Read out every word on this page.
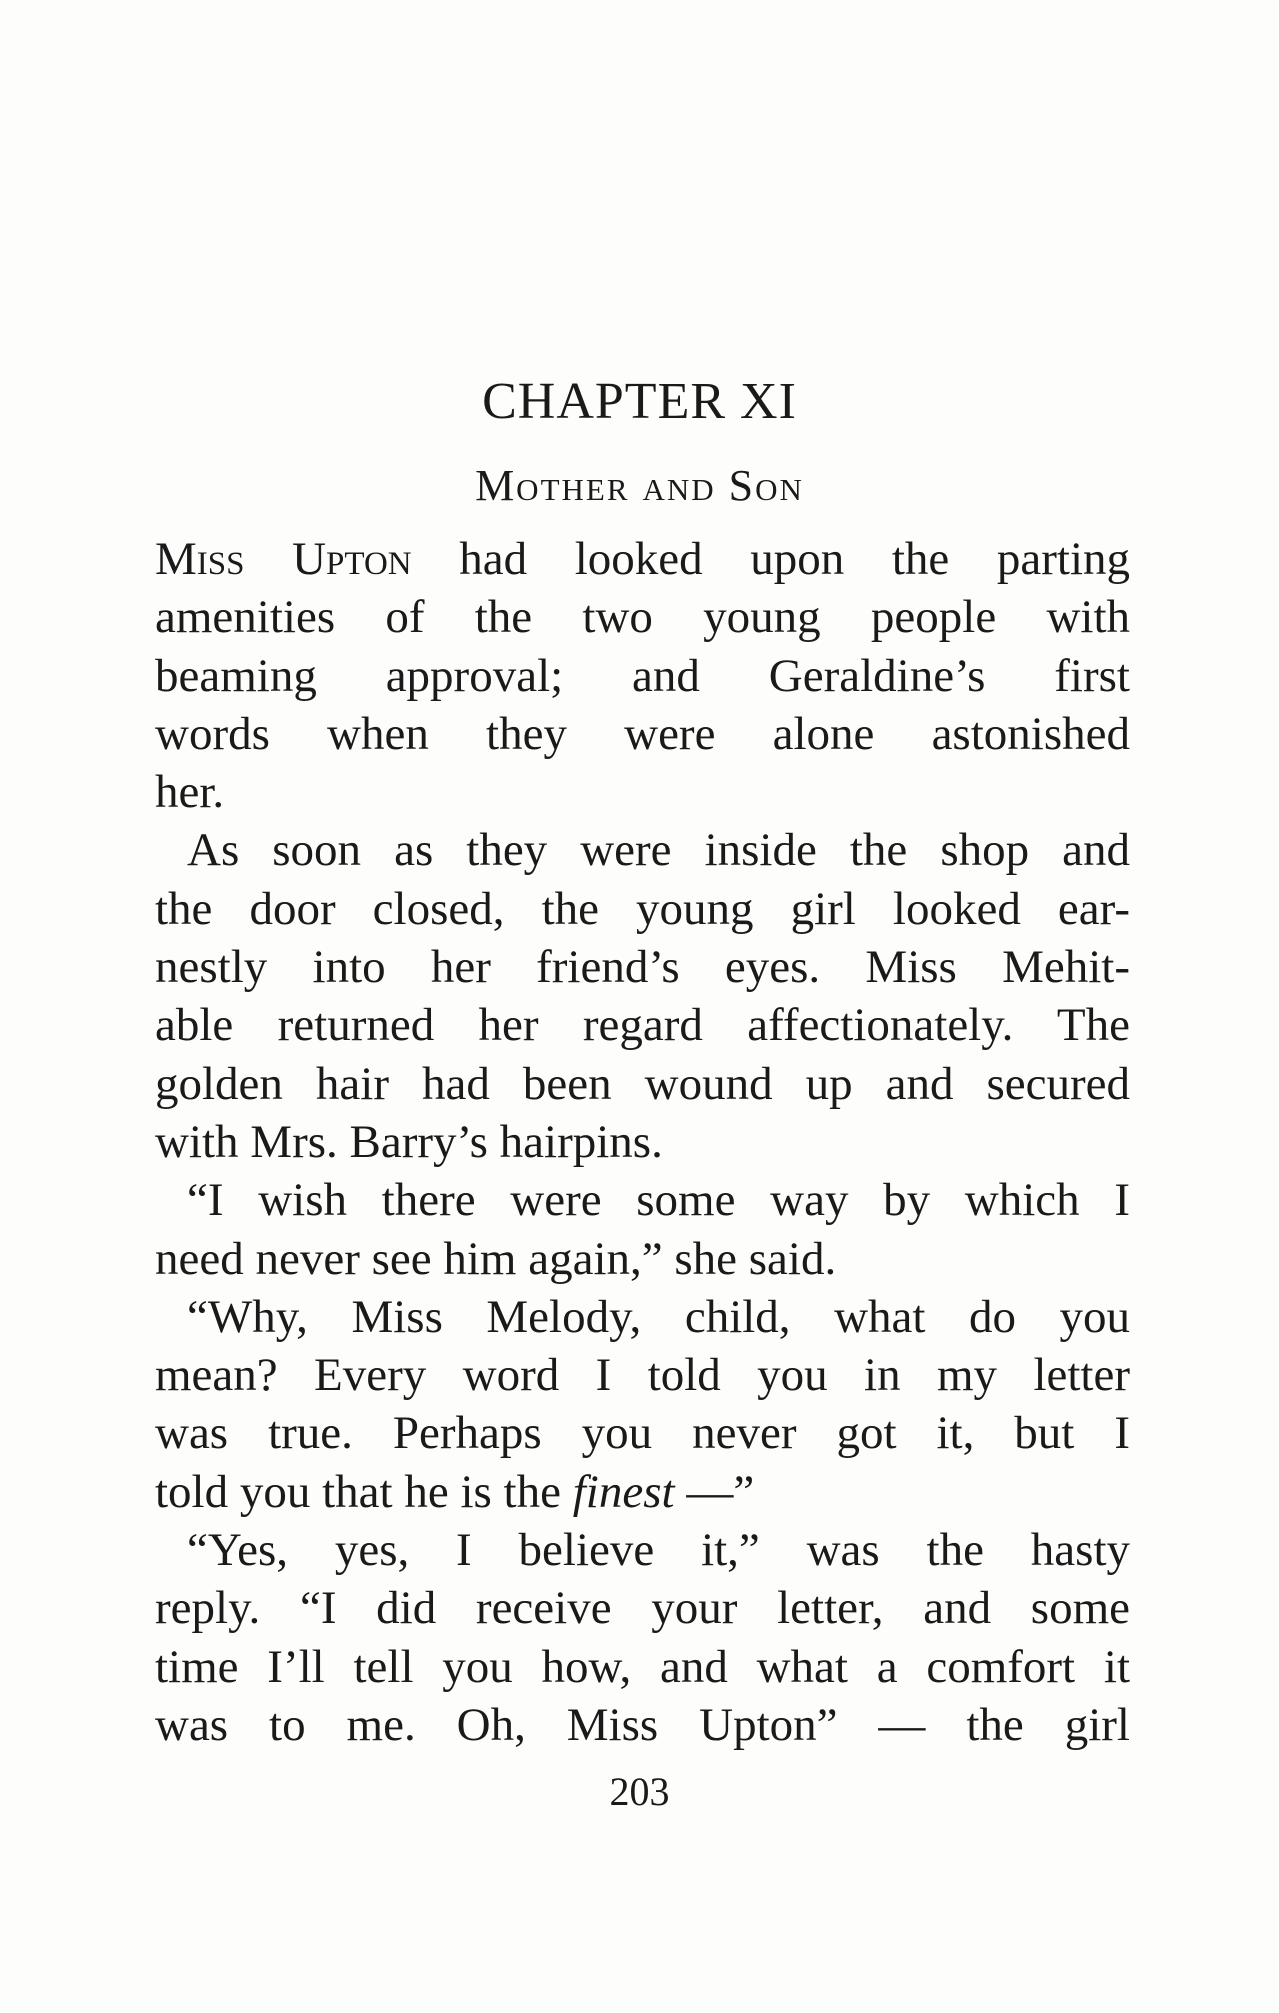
CHAPTER XI
Mother and Son
Miss Upton had looked upon the parting
amenities of the two young people with
beaming approval; and Geraldine’s first
words when they were alone astonished
her.
As soon as they were inside the shop and
the door closed, the young girl looked ear-
nestly into her friend’s eyes. Miss Mehit-
able returned her regard affectionately. The
golden hair had been wound up and secured
with Mrs. Barry’s hairpins.
“I wish there were some way by which I
need never see him again,” she said.
“Why, Miss Melody, child, what do you
mean? Every word I told you in my letter
was true. Perhaps you never got it, but I
told you that he is the finest —”
“Yes, yes, I believe it,” was the hasty
reply. “I did receive your letter, and some
time I’ll tell you how, and what a comfort it
was to me. Oh, Miss Upton” — the girl
203
